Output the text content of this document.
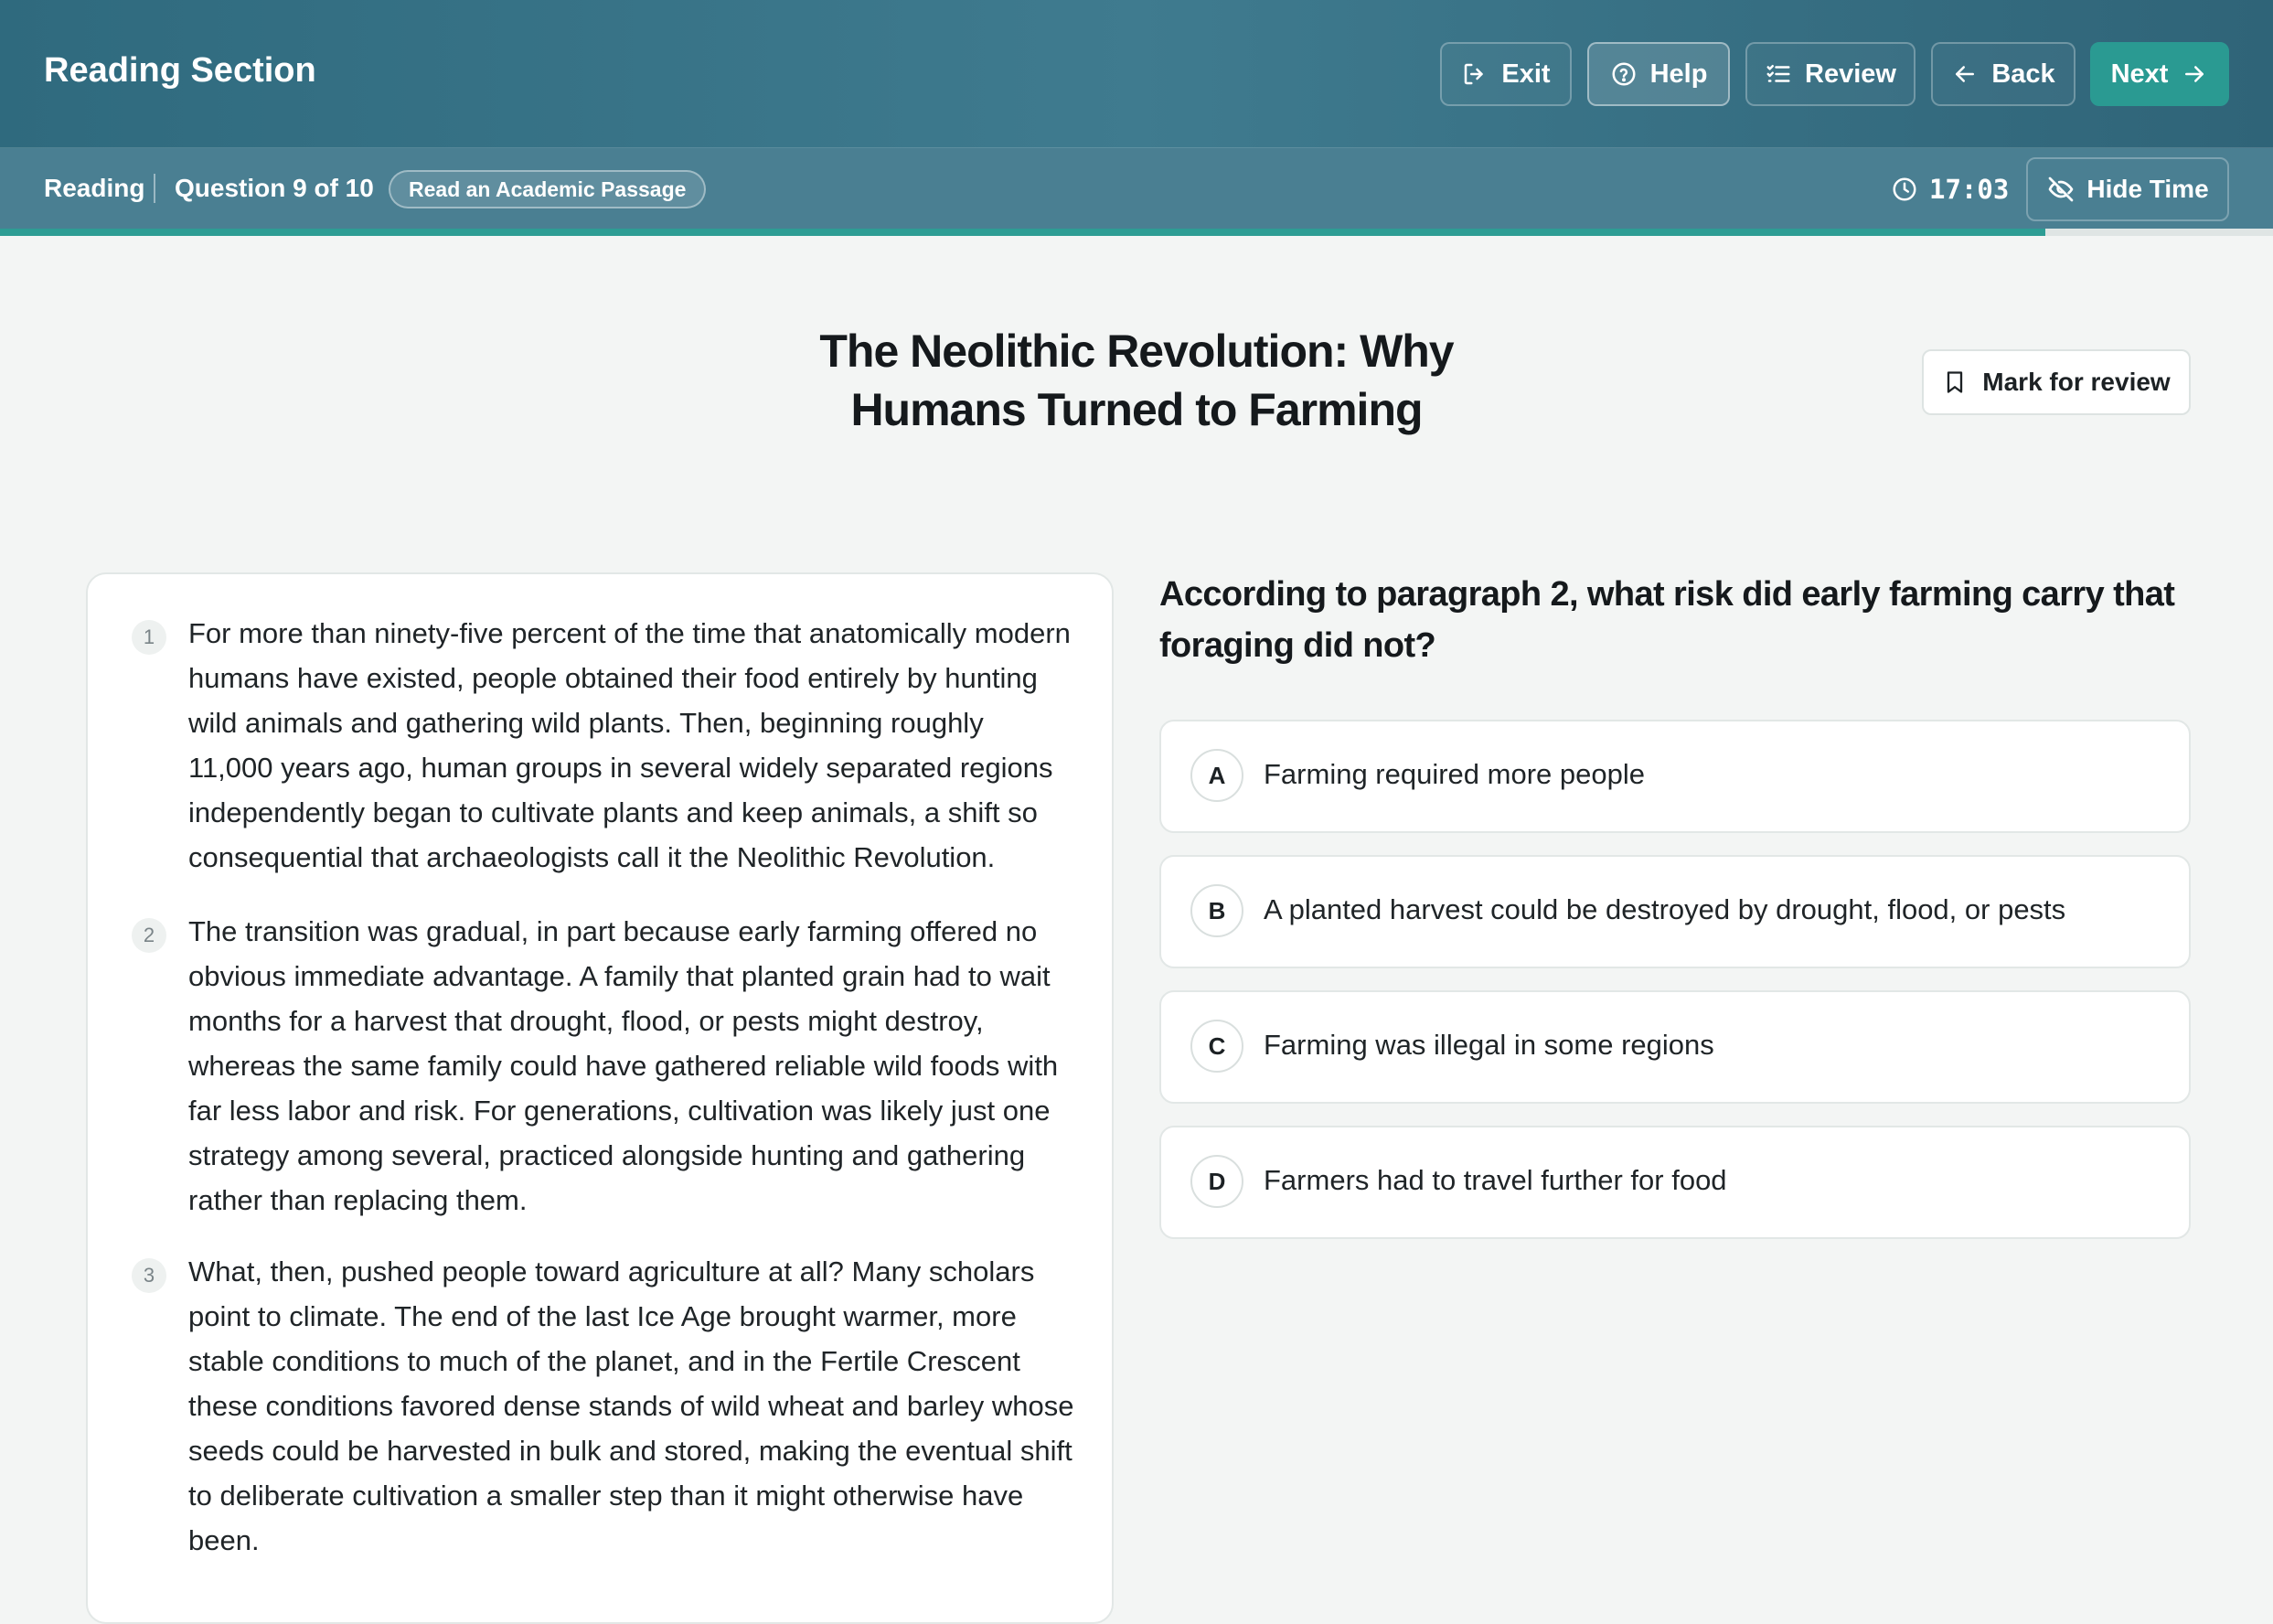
Reading Section	Exit	Help	Review	Back Next
Reading Question 9 of 10	Read an Academic Passage	17:03	Hide Time
The Neolithic Revolution: Why Humans Turned to Farming
Mark for review
1	For more than ninety-five percent of the time that anatomically modern humans have existed, people obtained their food entirely by hunting wild animals and gathering wild plants. Then, beginning roughly 11,000 years ago, human groups in several widely separated regions independently began to cultivate plants and keep animals, a shift so consequential that archaeologists call it the Neolithic Revolution.
2	The transition was gradual, in part because early farming offered no obvious immediate advantage. A family that planted grain had to wait months for a harvest that drought, flood, or pests might destroy, whereas the same family could have gathered reliable wild foods with far less labor and risk. For generations, cultivation was likely just one strategy among several, practiced alongside hunting and gathering rather than replacing them.
3	What, then, pushed people toward agriculture at all? Many scholars point to climate. The end of the last Ice Age brought warmer, more stable conditions to much of the planet, and in the Fertile Crescent these conditions favored dense stands of wild wheat and barley whose seeds could be harvested in bulk and stored, making the eventual shift to deliberate cultivation a smaller step than it might otherwise have been.
According to paragraph 2, what risk did early farming carry that foraging did not?
A	Farming required more people
B	A planted harvest could be destroyed by drought, flood, or pests
C	Farming was illegal in some regions
D	Farmers had to travel further for food
